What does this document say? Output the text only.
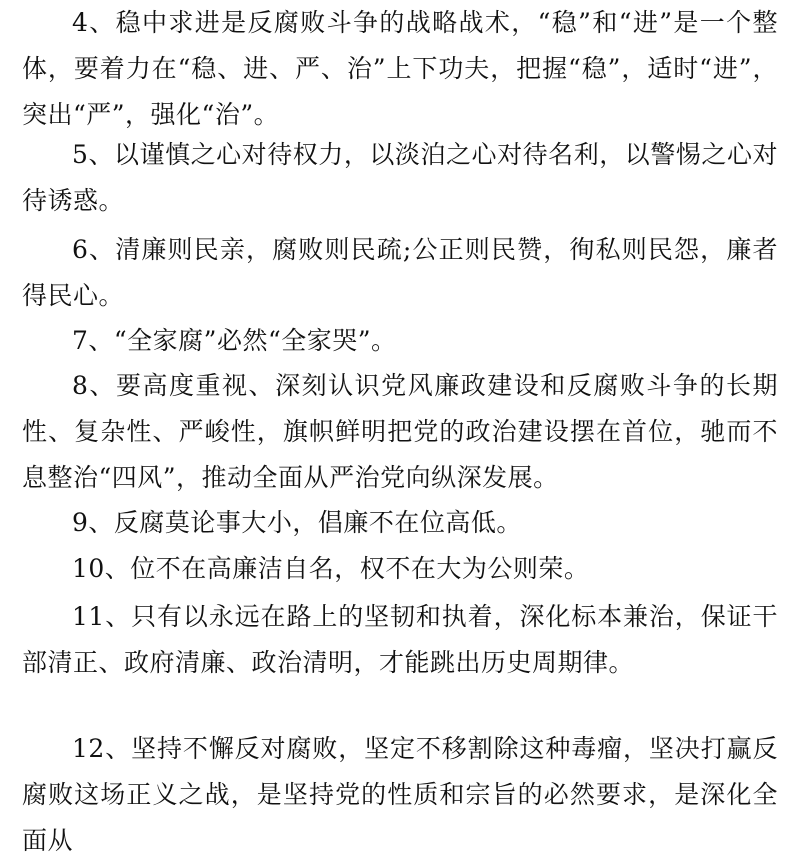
4、稳中求进是反腐败斗争的战略战术，“稳”和“进”是一个整体，要着力在“稳、进、严、治”上下功夫，把握“稳”，适时“进”，突出“严”，强化“治”。

5、以谨慎之心对待权力，以淡泊之心对待名利，以警惕之心对待诱惑。

6、清廉则民亲，腐败则民疏;公正则民赞，徇私则民怨，廉者得民心。

7、“全家腐”必然“全家哭”。

8、要高度重视、深刻认识党风廉政建设和反腐败斗争的长期性、复杂性、严峻性，旗帜鲜明把党的政治建设摆在首位，驰而不息整治“四风”，推动全面从严治党向纵深发展。

9、反腐莫论事大小，倡廉不在位高低。

10、位不在高廉洁自名，权不在大为公则荣。

11、只有以永远在路上的坚韧和执着，深化标本兼治，保证干部清正、政府清廉、政治清明，才能跳出历史周期律。

12、坚持不懈反对腐败，坚定不移割除这种毒瘤，坚决打赢反腐败这场正义之战，是坚持党的性质和宗旨的必然要求，是深化全面从
